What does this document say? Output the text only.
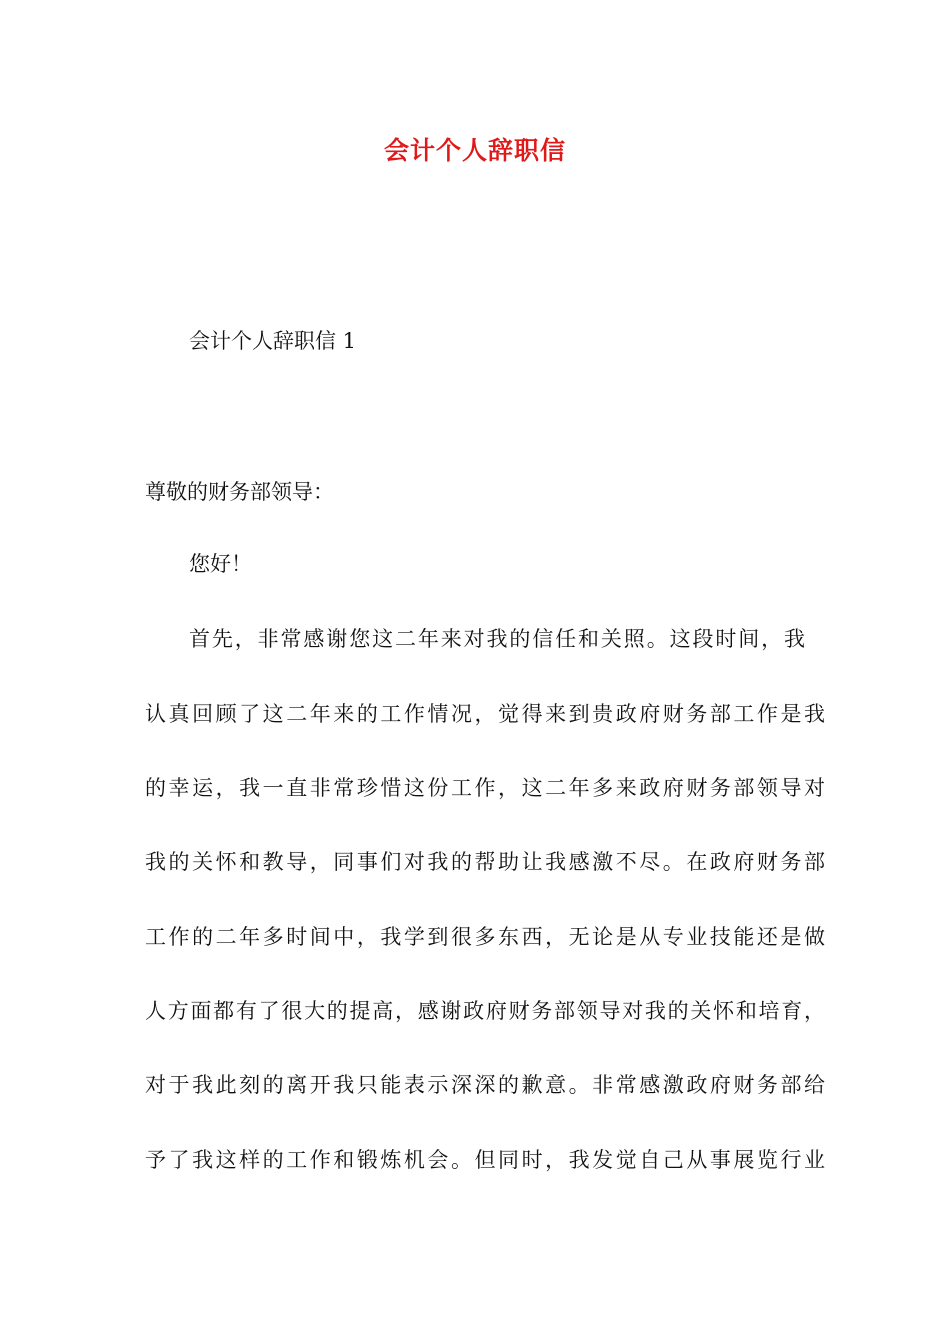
会计个人辞职信
会计个人辞职信 1
尊敬的财务部领导：
您好！
首先，非常感谢您这二年来对我的信任和关照。这段时间，我
认真回顾了这二年来的工作情况，觉得来到贵政府财务部工作是我
的幸运，我一直非常珍惜这份工作，这二年多来政府财务部领导对
我的关怀和教导，同事们对我的帮助让我感激不尽。在政府财务部
工作的二年多时间中，我学到很多东西，无论是从专业技能还是做
人方面都有了很大的提高，感谢政府财务部领导对我的关怀和培育，
对于我此刻的离开我只能表示深深的歉意。非常感激政府财务部给
予了我这样的工作和锻炼机会。但同时，我发觉自己从事展览行业
